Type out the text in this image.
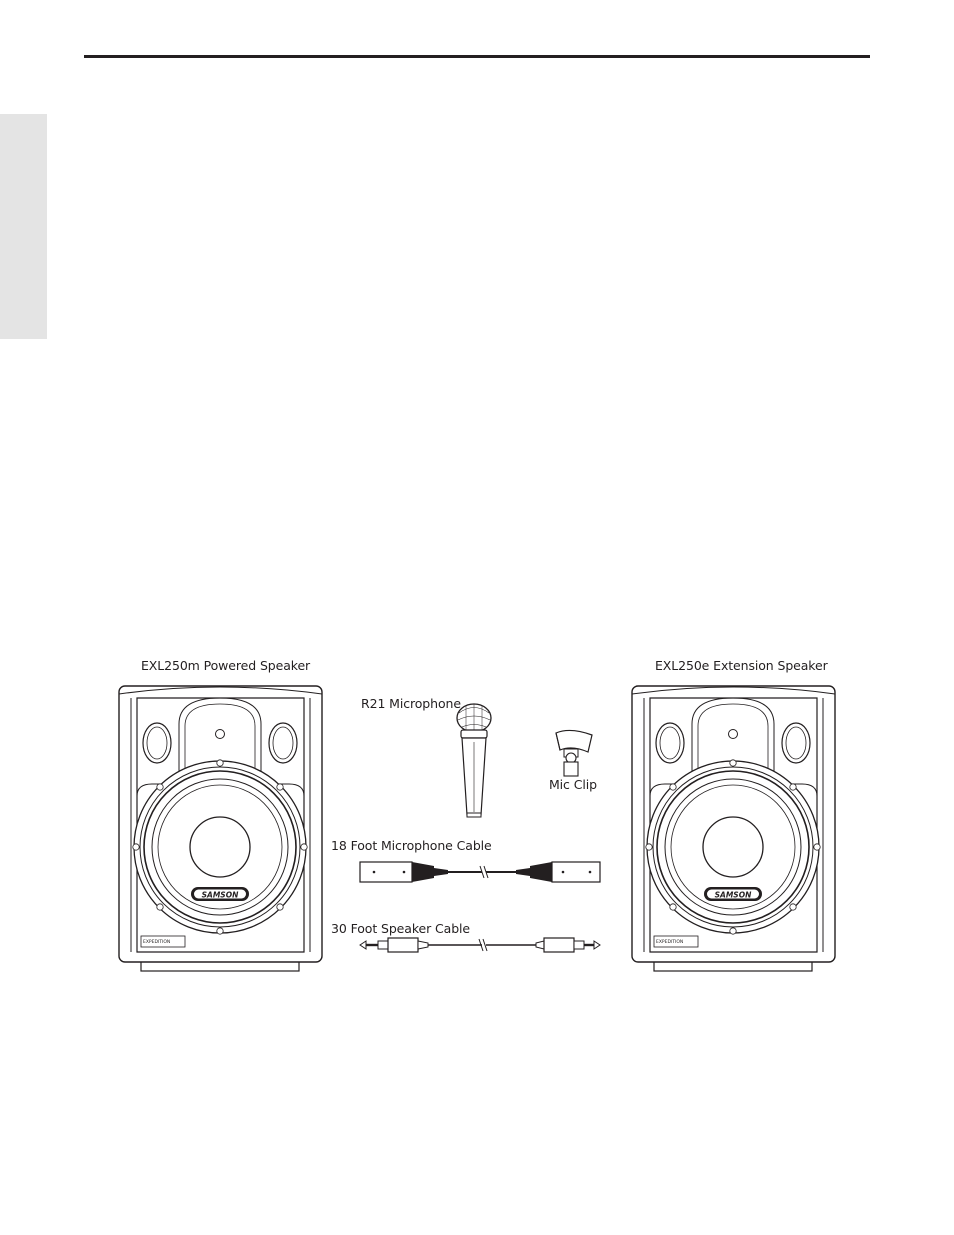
EXL250m Powered Speaker	EXL250e Extension Speaker
R21 Microphone
Mic Clip
18 Foot Microphone Cable
30 Foot Speaker Cable
SAMSON
EXPEDITION
SAMSON
EXPEDITION
